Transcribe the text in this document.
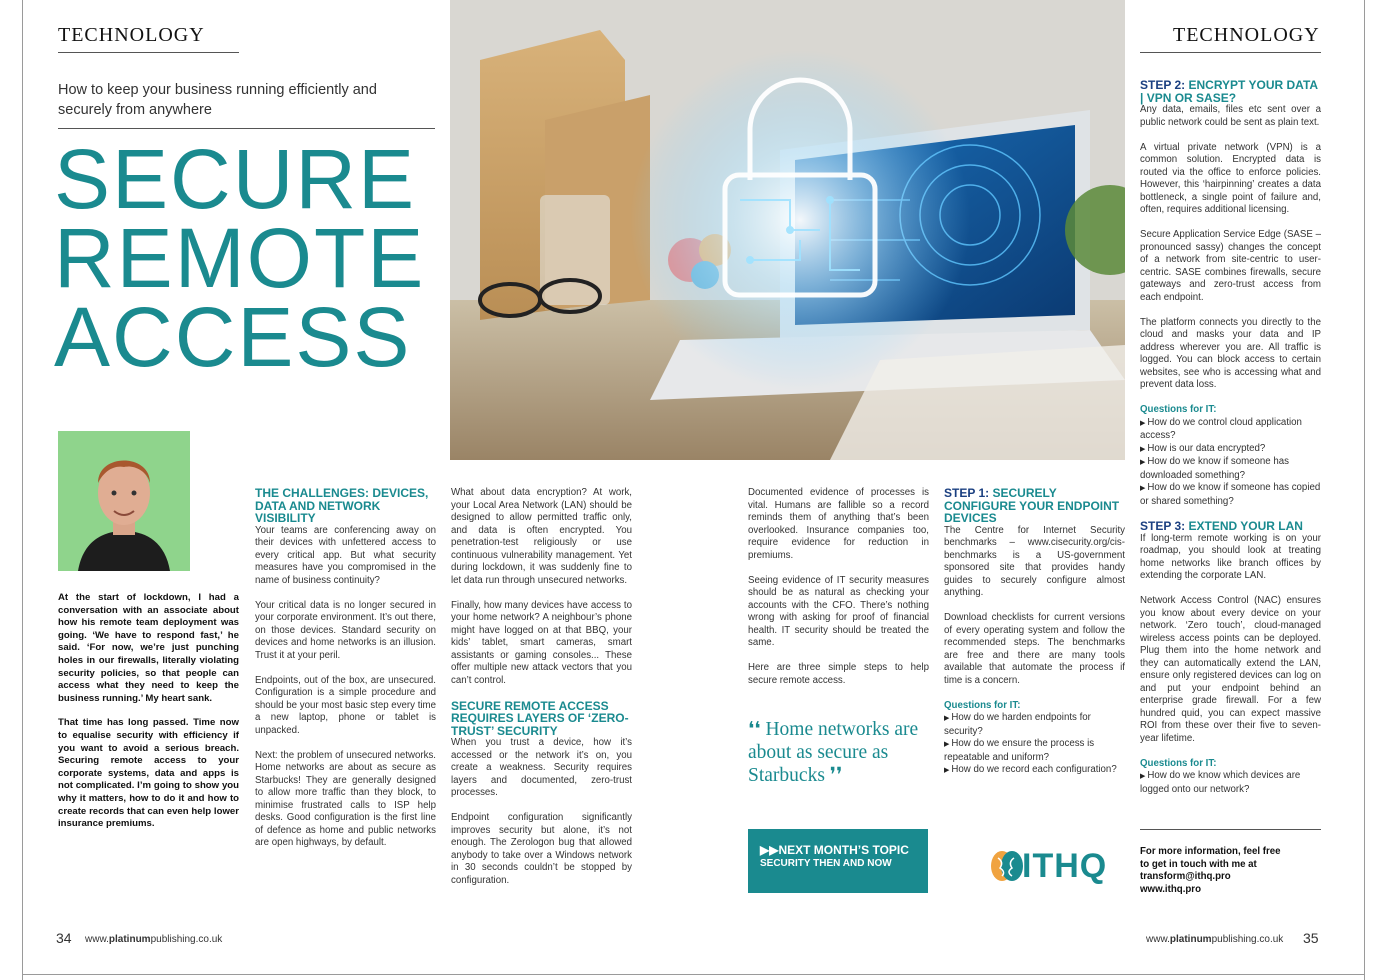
TECHNOLOGY	TECHNOLOGY
How to keep your business running efficiently and securely from anywhere
SECURE
REMOTE
ACCESS

At the start of lockdown, I had a conversation with an associate about how his remote team deployment was going. ‘We have to respond fast,’ he said. ‘For now, we’re just punching holes in our firewalls, literally violating security policies, so that people can access what they need to keep the business running.’ My heart sank.

That time has long passed. Time now to equalise security with efficiency if you want to avoid a serious breach. Securing remote access to your corporate systems, data and apps is not complicated. I’m going to show you why it matters, how to do it and how to create records that can even help lower insurance premiums.

THE CHALLENGES: DEVICES, DATA AND NETWORK VISIBILITY

Your teams are conferencing away on their devices with unfettered access to every critical app. But what security measures have you compromised in the name of business continuity?

Your critical data is no longer secured in your corporate environment. It’s out there, on those devices. Standard security on devices and home networks is an illusion. Trust it at your peril.

Endpoints, out of the box, are unsecured. Configuration is a simple procedure and should be your most basic step every time a new laptop, phone or tablet is unpacked.

Next: the problem of unsecured networks. Home networks are about as secure as Starbucks! They are generally designed to allow more traffic than they block, to minimise frustrated calls to ISP help desks. Good configuration is the first line of defence as home and public networks are open highways, by default.

What about data encryption? At work, your Local Area Network (LAN) should be designed to allow permitted traffic only, and data is often encrypted. You penetration-test religiously or use continuous vulnerability management. Yet during lockdown, it was suddenly fine to let data run through unsecured networks.

Finally, how many devices have access to your home network? A neighbour’s phone might have logged on at that BBQ, your kids’ tablet, smart cameras, smart assistants or gaming consoles... These offer multiple new attack vectors that you can’t control.

SECURE REMOTE ACCESS REQUIRES LAYERS OF ‘ZERO-TRUST’ SECURITY

When you trust a device, how it’s accessed or the network it’s on, you create a weakness. Security requires layers and documented, zero-trust processes.

Endpoint configuration significantly improves security but alone, it’s not enough. The Zerologon bug that allowed anybody to take over a Windows network in 30 seconds couldn’t be stopped by configuration.

Documented evidence of processes is vital. Humans are fallible so a record reminds them of anything that’s been overlooked. Insurance companies too, require evidence for reduction in premiums.

Seeing evidence of IT security measures should be as natural as checking your accounts with the CFO. There’s nothing wrong with asking for proof of financial health. IT security should be treated the same.

Here are three simple steps to help secure remote access.

❛❛ Home networks are about as secure as Starbucks ❜❜
▶▶NEXT MONTH’S TOPIC
SECURITY THEN AND NOW
STEP 1: SECURELY CONFIGURE YOUR ENDPOINT DEVICES

The Centre for Internet Security benchmarks – www.cisecurity.org/cis-benchmarks is a US-government sponsored site that provides handy guides to securely configure almost anything.

Download checklists for current versions of every operating system and follow the recommended steps. The benchmarks are free and there are many tools available that automate the process if time is a concern.

Questions for IT:
▶ How do we harden endpoints for security?
▶ How do we ensure the process is repeatable and uniform?
▶ How do we record each configuration?
STEP 2: ENCRYPT YOUR DATA | VPN OR SASE?

Any data, emails, files etc sent over a public network could be sent as plain text.

A virtual private network (VPN) is a common solution. Encrypted data is routed via the office to enforce policies. However, this ‘hairpinning’ creates a data bottleneck, a single point of failure and, often, requires additional licensing.

Secure Application Service Edge (SASE – pronounced sassy) changes the concept of a network from site-centric to user-centric. SASE combines firewalls, secure gateways and zero-trust access from each endpoint.

The platform connects you directly to the cloud and masks your data and IP address wherever you are. All traffic is logged. You can block access to certain websites, see who is accessing what and prevent data loss.

Questions for IT:
▶ How do we control cloud application access?
▶ How is our data encrypted?
▶ How do we know if someone has downloaded something?
▶ How do we know if someone has copied or shared something?
STEP 3: EXTEND YOUR LAN

If long-term remote working is on your roadmap, you should look at treating home networks like branch offices by extending the corporate LAN.

Network Access Control (NAC) ensures you know about every device on your network. ‘Zero touch’, cloud-managed wireless access points can be deployed. Plug them into the home network and they can automatically extend the LAN, ensure only registered devices can log on and put your endpoint behind an enterprise grade firewall. For a few hundred quid, you can expect massive ROI from these over their five to seven-year lifetime.

Questions for IT:
▶ How do we know which devices are logged onto our network?
ITHQ	For more information, feel free
to get in touch with me at
transform@ithq.pro
www.ithq.pro
34 www.platinumpublishing.co.uk	www.platinumpublishing.co.uk 35
